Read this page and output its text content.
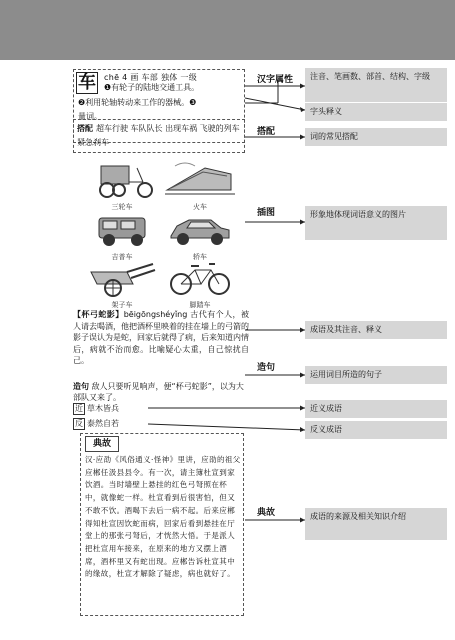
车 chē 4 画 车部 独体 一级
❶有轮子的陆地交通工具。
❷利用轮轴转动来工作的器械。❸
量词。
搭配 超车行驶 车队队长 出现车祸 飞驶的列车 紧急刹车
三轮车	火车
吉普车	轿车
架子车	脚踏车
【杯弓蛇影】bēigōngshéyǐng 古代有个人，被人请去喝酒，他把酒杯里映着的挂在墙上的弓箭的影子误认为是蛇，回家后就得了病，后来知道内情后，病就不治而愈。比喻疑心太重，自己惊扰自己。
造句 敌人只要听见响声，便“杯弓蛇影”，以为大部队又来了。
近 草木皆兵
反 泰然自若
典故
汉·应劭《风俗通义·怪神》里讲，应劭的祖父应郴任汲县县令。有一次，请主簿杜宣到家饮酒。当时墙壁上悬挂的红色弓弩照在杯中，就像蛇一样。杜宣看到后很害怕，但又不敢不饮。酒喝下去后一病不起。后来应郴得知杜宣因饮蛇而病，回家后看到悬挂在厅堂上的那张弓弩后，才恍然大悟。于是派人把杜宣用车接来，在原来的地方又摆上酒席，酒杯里又有蛇出现。应郴告诉杜宣其中的缘故，杜宣才解除了疑虑，病也就好了。
汉字属性	注音、笔画数、部首、结构、字级
字头释义
搭配	词的常见搭配
插图	形象地体现词语意义的图片
成语及其注音、释义
造句
运用词目所造的句子
近义成语
反义成语
典故	成语的来源及相关知识介绍
